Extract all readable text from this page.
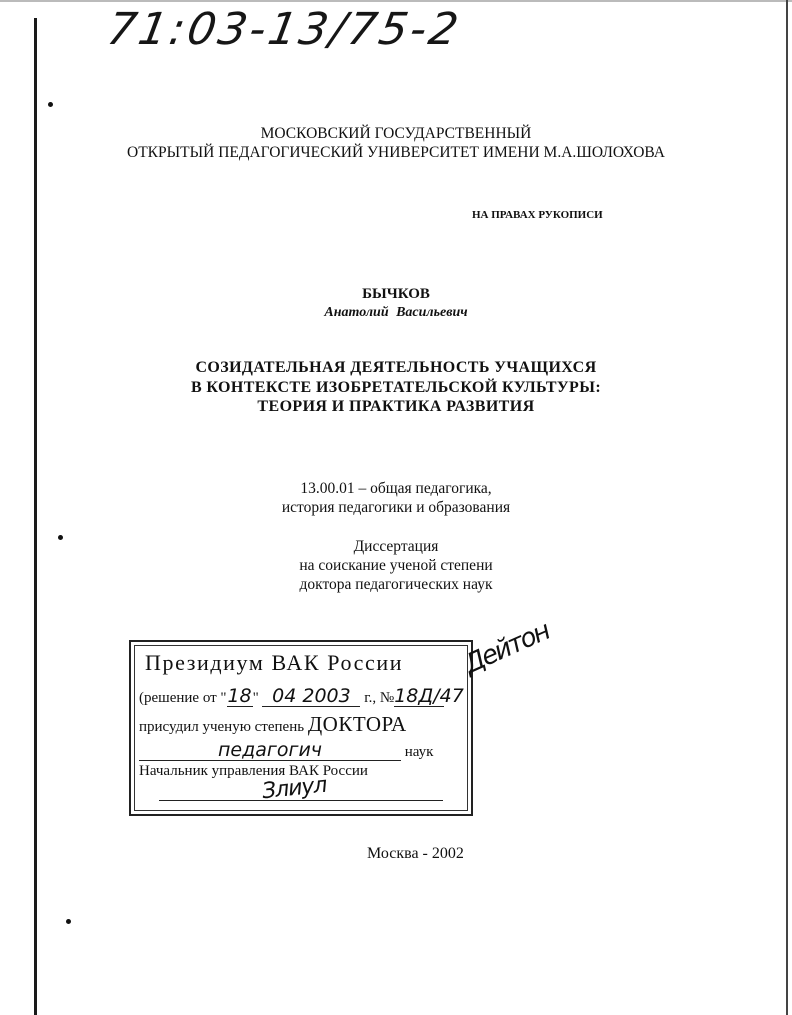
71:03-13/75-2
МОСКОВСКИЙ ГОСУДАРСТВЕННЫЙ
ОТКРЫТЫЙ ПЕДАГОГИЧЕСКИЙ УНИВЕРСИТЕТ ИМЕНИ М.А.ШОЛОХОВА
НА ПРАВАХ РУКОПИСИ
БЫЧКОВ
Анатолий Васильевич
СОЗИДАТЕЛЬНАЯ ДЕЯТЕЛЬНОСТЬ УЧАЩИХСЯ
В КОНТЕКСТЕ ИЗОБРЕТАТЕЛЬСКОЙ КУЛЬТУРЫ:
ТЕОРИЯ И ПРАКТИКА РАЗВИТИЯ
13.00.01 – общая педагогика,
история педагогики и образования
Диссертация
на соискание ученой степени
доктора педагогических наук
Президиум ВАК России
(решение от "18" 04 2003 г., №18Д/47
присудил ученую степень ДОКТОРА
педагогич	наук
Начальник управления ВАК России
Злиул
Дейтон
Москва - 2002
